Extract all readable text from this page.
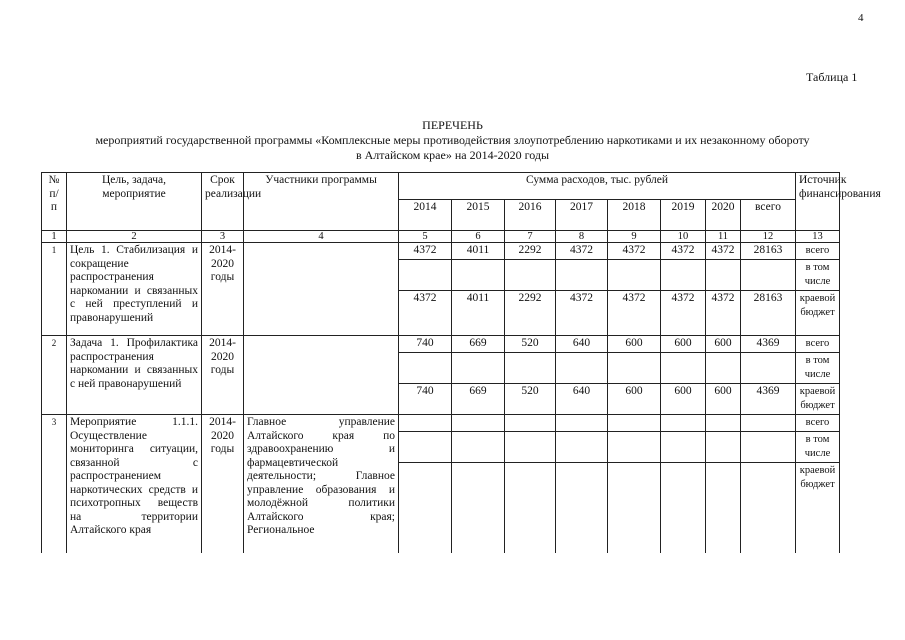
4
Таблица 1
ПЕРЕЧЕНЬ
мероприятий государственной программы «Комплексные меры противодействия злоупотреблению наркотиками и их незаконному обороту
в Алтайском крае» на 2014-2020 годы
№ п/ п	Цель, задача, мероприятие	Срок реализации	Участники программы	Сумма расходов, тыс. рублей								Источник финансирования
				2014	2015	2016	2017	2018	2019	2020	всего	
1	2	3	4	5	6	7	8	9	10	11	12	13
1	Цель 1. Стабилизация и сокращение распространения наркомании и связанных с ней преступлений и правонарушений	2014-2020 годы		4372	4011	2292	4372	4372	4372	4372	28163	всего
												в том числе
				4372	4011	2292	4372	4372	4372	4372	28163	краевой бюджет
2	Задача 1. Профилактика распространения наркомании и связанных с ней правонарушений	2014-2020 годы		740	669	520	640	600	600	600	4369	всего
												в том числе
				740	669	520	640	600	600	600	4369	краевой бюджет
3	Мероприятие 1.1.1. Осуществление мониторинга ситуации, связанной с распространением наркотических средств и психотропных веществ на территории Алтайского края	2014-2020 годы	Главное управление Алтайского края по здравоохранению и фармацевтической деятельности; Главное управление образования и молодёжной политики Алтайского края; Региональное									всего
												в том числе
												краевой бюджет
